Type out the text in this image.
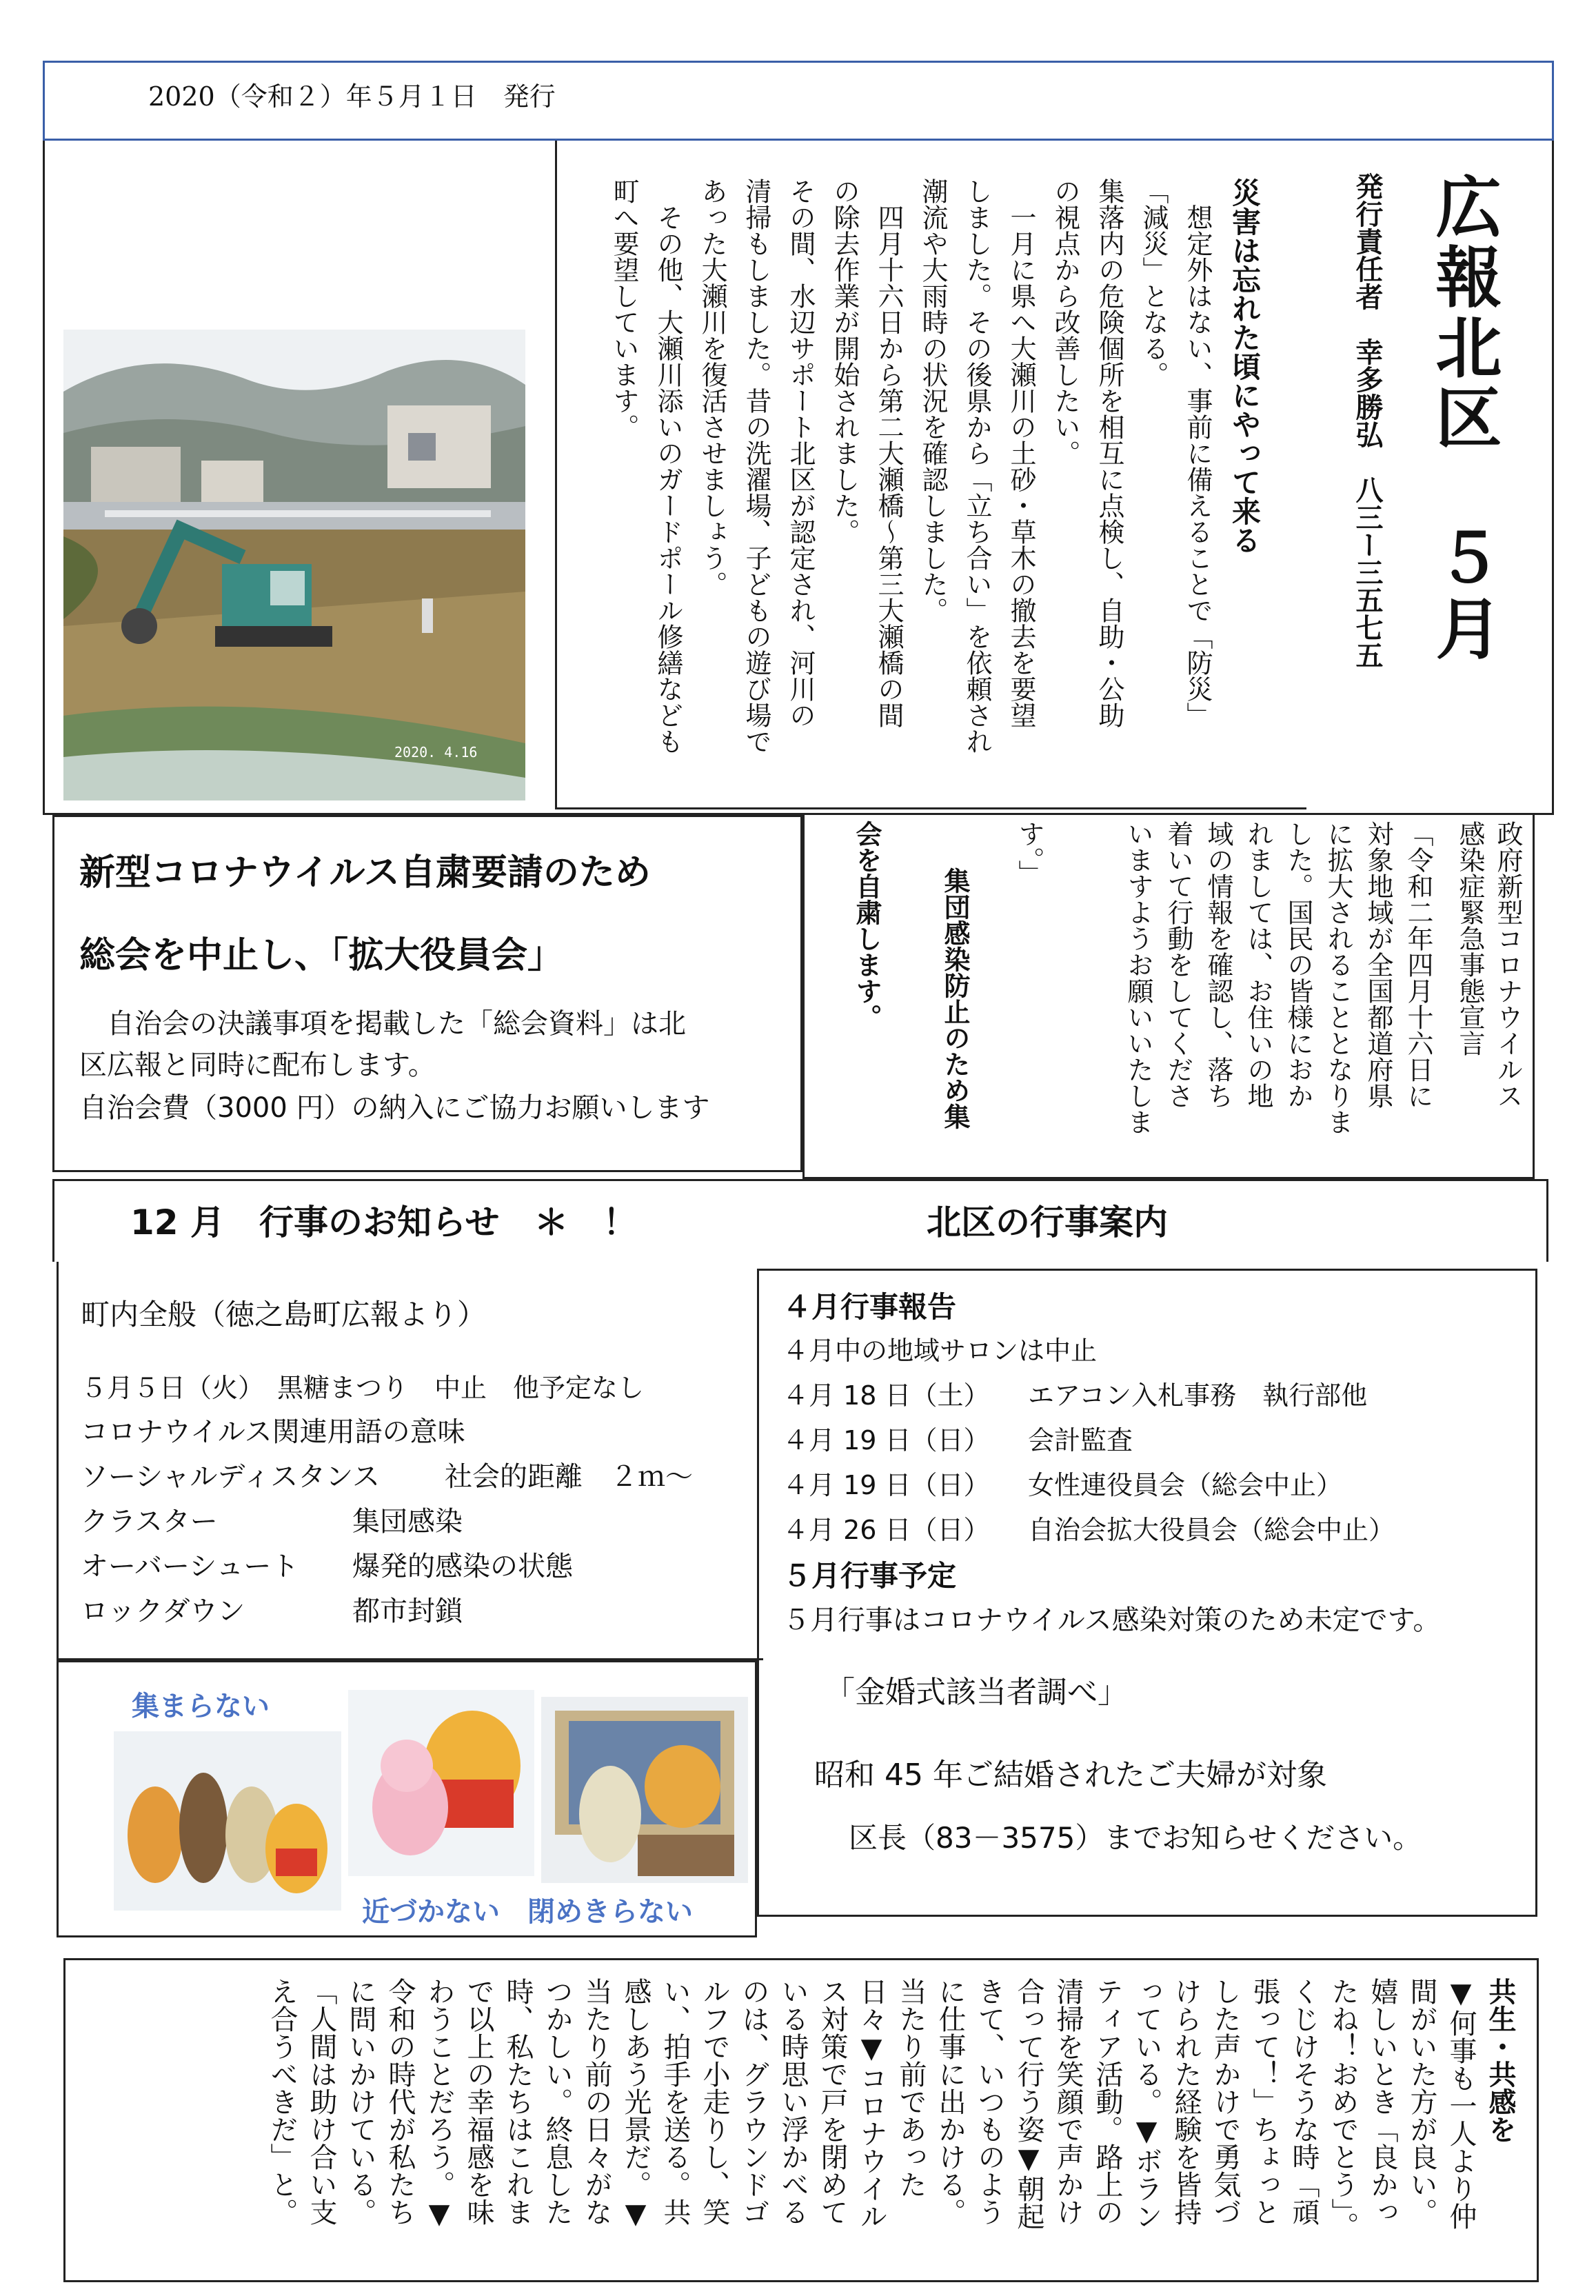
2020（令和２）年５月１日　発行
2020. 4.16
災害は忘れた頃にやって来る
　想定外はない、事前に備えることで「防災」
「減災」となる。
集落内の危険個所を相互に点検し、自助・公助
の視点から改善したい。
　一月に県へ大瀬川の土砂・草木の撤去を要望
しました。その後県から「立ち合い」を依頼され
潮流や大雨時の状況を確認しました。
　四月十六日から第二大瀬橋～第三大瀬橋の間
の除去作業が開始されました。
その間、水辺サポート北区が認定され、河川の
清掃もしました。昔の洗濯場、子どもの遊び場で
あった大瀬川を復活させましょう。
　その他、大瀬川添いのガードポール修繕なども
町へ要望しています。	広報北区　５月
発行責任者　幸多勝弘　八三ー三五七五
新型コロナウイルス自粛要請のため
総会を中止し、「拡大役員会」
　自治会の決議事項を掲載した「総会資料」は北
区広報と同時に配布します。
自治会費（3000 円）の納入にご協力お願いします	政府新型コロナウイルス
感染症緊急事態宣言
「令和二年四月十六日に
対象地域が全国都道府県
に拡大されることとなりま
した。国民の皆様におか
れましては、お住いの地
域の情報を確認し、落ち
着いて行動をしてくださ
いますようお願いいたしま
す。」
　集団感染防止のため集
会を自粛します。
12 月　行事のお知らせ　＊　！	北区の行事案内
町内全般（徳之島町広報より）
５月５日（火）　黒糖まつり　中止　他予定なし
コロナウイルス関連用語の意味
ソーシャルディスタンス 社会的距離　２ｍ～
クラスター	集団感染
オーバーシュート 爆発的感染の状態
ロックダウン	都市封鎖
集まらない
近づかない 閉めきらない
４月行事報告
４月中の地域サロンは中止
４月 18 日（土） エアコン入札事務　執行部他
４月 19 日（日） 会計監査
４月 19 日（日） 女性連役員会（総会中止）
４月 26 日（日） 自治会拡大役員会（総会中止）
５月行事予定
５月行事はコロナウイルス感染対策のため未定です。
「金婚式該当者調べ」
昭和 45 年ご結婚されたご夫婦が対象
区長（83－3575）までお知らせください。
共生・共感を
▼何事も一人より仲
間がいた方が良い。
嬉しいとき「良かっ
たね！おめでとう」。
くじけそうな時「頑
張って！」ちょっと
した声かけで勇気づ
けられた経験を皆持
っている。▼ボラン
ティア活動。路上の
清掃を笑顔で声かけ
合って行う姿▼朝起
きて、いつものよう
に仕事に出かける。
当たり前であった
日々▼コロナウイル
ス対策で戸を閉めて
いる時思い浮かべる
のは、グラウンドゴ
ルフで小走りし、笑
い、拍手を送る。共
感しあう光景だ。▼
当たり前の日々がな
つかしい。終息した
時、私たちはこれま
で以上の幸福感を味
わうことだろう。▼
令和の時代が私たち
に問いかけている。
「人間は助け合い支
え合うべきだ」と。
